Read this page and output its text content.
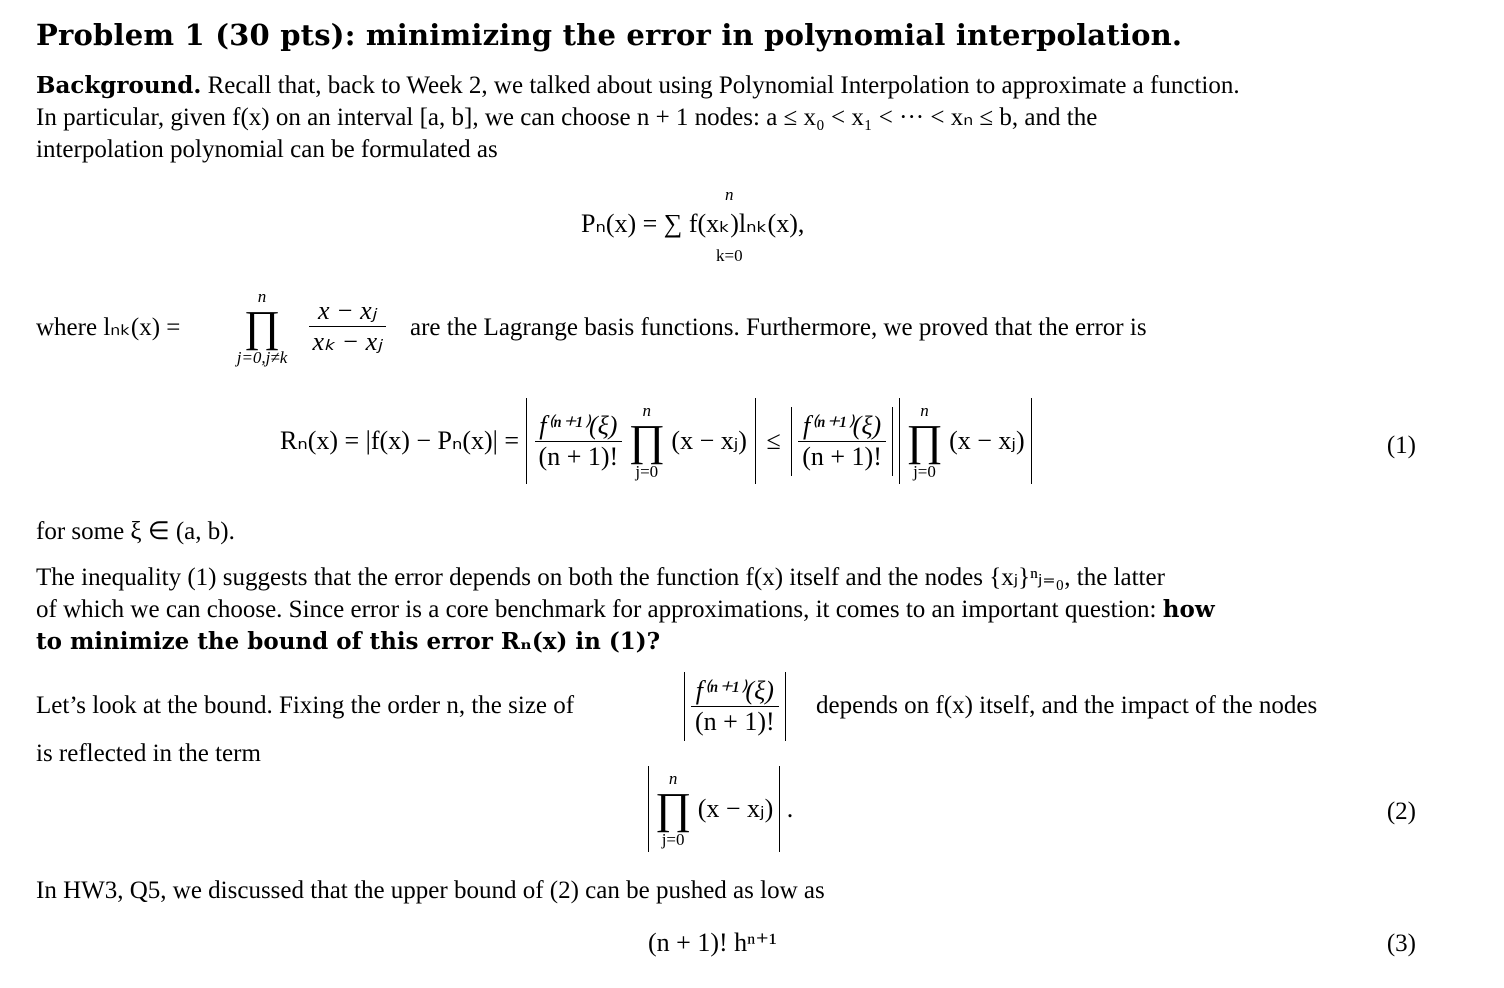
Problem 1 (30 pts): minimizing the error in polynomial interpolation.
Background. Recall that, back to Week 2, we talked about using Polynomial Interpolation to approximate a function.
In particular, given f(x) on an interval [a, b], we can choose n + 1 nodes: a ≤ x₀ < x₁ < ··· < xₙ ≤ b, and the
interpolation polynomial can be formulated as
n
k=0
Pₙ(x) = ∑ f(xₖ)lₙₖ(x),
where lₙₖ(x) =
n
∏
j=0,j≠k

$\frac{\text{x − xⱼ}}{\text{xₖ − xⱼ}}$ are the Lagrange basis functions. Furthermore, we proved that the error is
$R_n(x) = |f(x) - P_n(x)| = \frac{\text{f⁽ⁿ⁺¹⁾(ξ)}}{(n + 1)!}$
	n
∏
j=0
(x − xⱼ) ≤ $\frac{\text{f⁽ⁿ⁺¹⁾(ξ)}}{(n + 1)!}$
	n
∏
j=0
(x − xⱼ)	(1)
for some ξ ∈ (a, b).
The inequality (1) suggests that the error depends on both the function f(x) itself and the nodes {xⱼ}ⁿⱼ₌₀, the latter
of which we can choose. Since error is a core benchmark for approximations, it comes to an important question: how
to minimize the bound of this error Rₙ(x) in (1)?
Let’s look at the bound. Fixing the order n, the size of	$\frac{\text{f⁽ⁿ⁺¹⁾(ξ)}}{(n + 1)!}$ depends on f(x) itself, and the impact of the nodes
is reflected in the term
n
∏
j=0
(x − xⱼ) .	(2)
In HW3, Q5, we discussed that the upper bound of (2) can be pushed as low as
(n + 1)! hⁿ⁺¹	(3)
